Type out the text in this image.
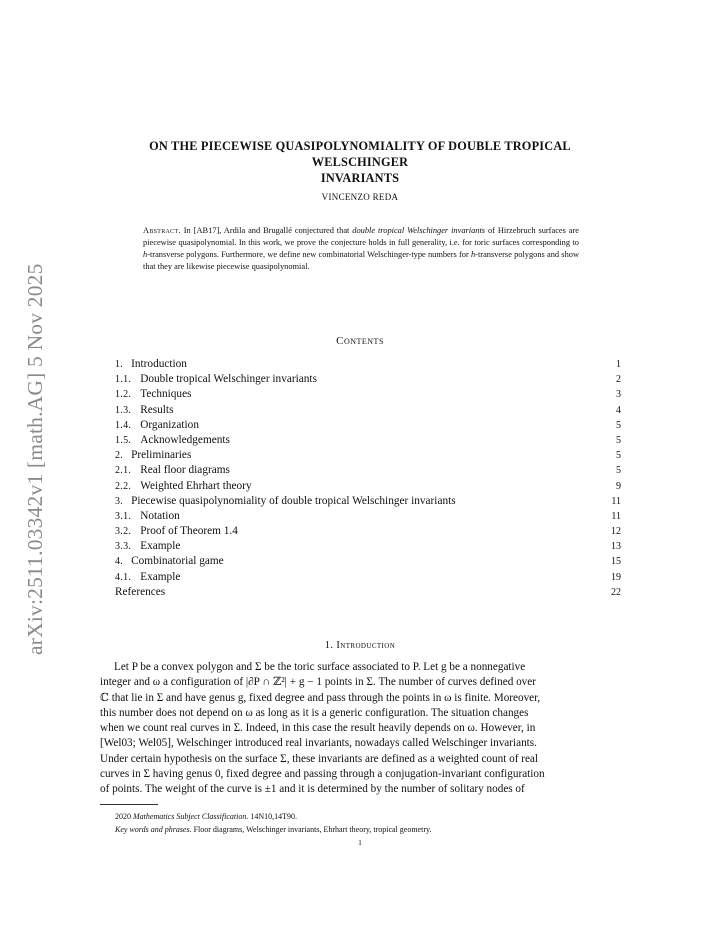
arXiv:2511.03342v1 [math.AG] 5 Nov 2025
ON THE PIECEWISE QUASIPOLYNOMIALITY OF DOUBLE TROPICAL WELSCHINGER
INVARIANTS
VINCENZO REDA
Abstract. In [AB17], Ardila and Brugallé conjectured that double tropical Welschinger invariants of Hirzebruch surfaces are piecewise quasipolynomial. In this work, we prove the conjecture holds in full generality, i.e. for toric surfaces corresponding to h-transverse polygons. Furthermore, we define new combinatorial Welschinger-type numbers for h-transverse polygons and show that they are likewise piecewise quasipolynomial.
Contents
1. Introduction	1
1.1. Double tropical Welschinger invariants	2
1.2. Techniques	3
1.3. Results	4
1.4. Organization	5
1.5. Acknowledgements	5
2. Preliminaries	5
2.1. Real floor diagrams	5
2.2. Weighted Ehrhart theory	9
3. Piecewise quasipolynomiality of double tropical Welschinger invariants	11
3.1. Notation	11
3.2. Proof of Theorem 1.4	12
3.3. Example	13
4. Combinatorial game	15
4.1. Example	19
References	22
1. Introduction
Let P be a convex polygon and Σ be the toric surface associated to P. Let g be a nonnegative
integer and ω a configuration of |∂P ∩ ℤ²| + g − 1 points in Σ. The number of curves defined over
ℂ that lie in Σ and have genus g, fixed degree and pass through the points in ω is finite. Moreover,
this number does not depend on ω as long as it is a generic configuration. The situation changes
when we count real curves in Σ. Indeed, in this case the result heavily depends on ω. However, in
[Wel03; Wel05], Welschinger introduced real invariants, nowadays called Welschinger invariants.
Under certain hypothesis on the surface Σ, these invariants are defined as a weighted count of real
curves in Σ having genus 0, fixed degree and passing through a conjugation-invariant configuration
of points. The weight of the curve is ±1 and it is determined by the number of solitary nodes of
2020 Mathematics Subject Classification. 14N10,14T90.
Key words and phrases. Floor diagrams, Welschinger invariants, Ehrhart theory, tropical geometry.
1
